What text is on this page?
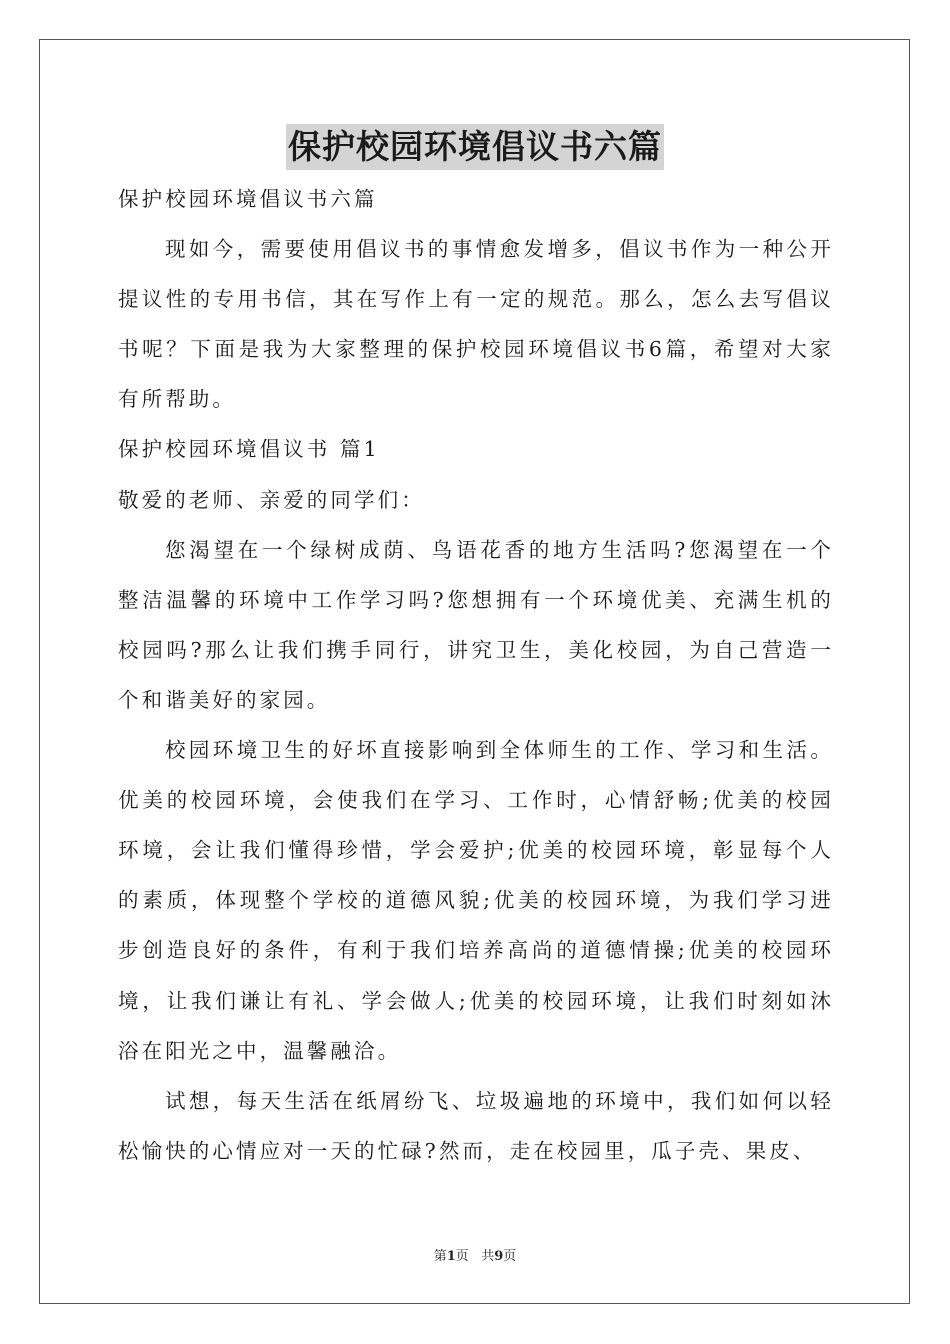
保护校园环境倡议书六篇

保护校园环境倡议书六篇

现如今，需要使用倡议书的事情愈发增多，倡议书作为一种公开提议性的专用书信，其在写作上有一定的规范。那么，怎么去写倡议书呢？下面是我为大家整理的保护校园环境倡议书6篇，希望对大家有所帮助。

保护校园环境倡议书 篇1

敬爱的老师、亲爱的同学们：

您渴望在一个绿树成荫、鸟语花香的地方生活吗?您渴望在一个整洁温馨的环境中工作学习吗?您想拥有一个环境优美、充满生机的校园吗?那么让我们携手同行，讲究卫生，美化校园，为自己营造一个和谐美好的家园。

校园环境卫生的好坏直接影响到全体师生的工作、学习和生活。优美的校园环境，会使我们在学习、工作时，心情舒畅;优美的校园环境，会让我们懂得珍惜，学会爱护;优美的校园环境，彰显每个人的素质，体现整个学校的道德风貌;优美的校园环境，为我们学习进步创造良好的条件，有利于我们培养高尚的道德情操;优美的校园环境，让我们谦让有礼、学会做人;优美的校园环境，让我们时刻如沐浴在阳光之中，温馨融洽。

试想，每天生活在纸屑纷飞、垃圾遍地的环境中，我们如何以轻松愉快的心情应对一天的忙碌?然而，走在校园里，瓜子壳、果皮、

第1页 共9页
